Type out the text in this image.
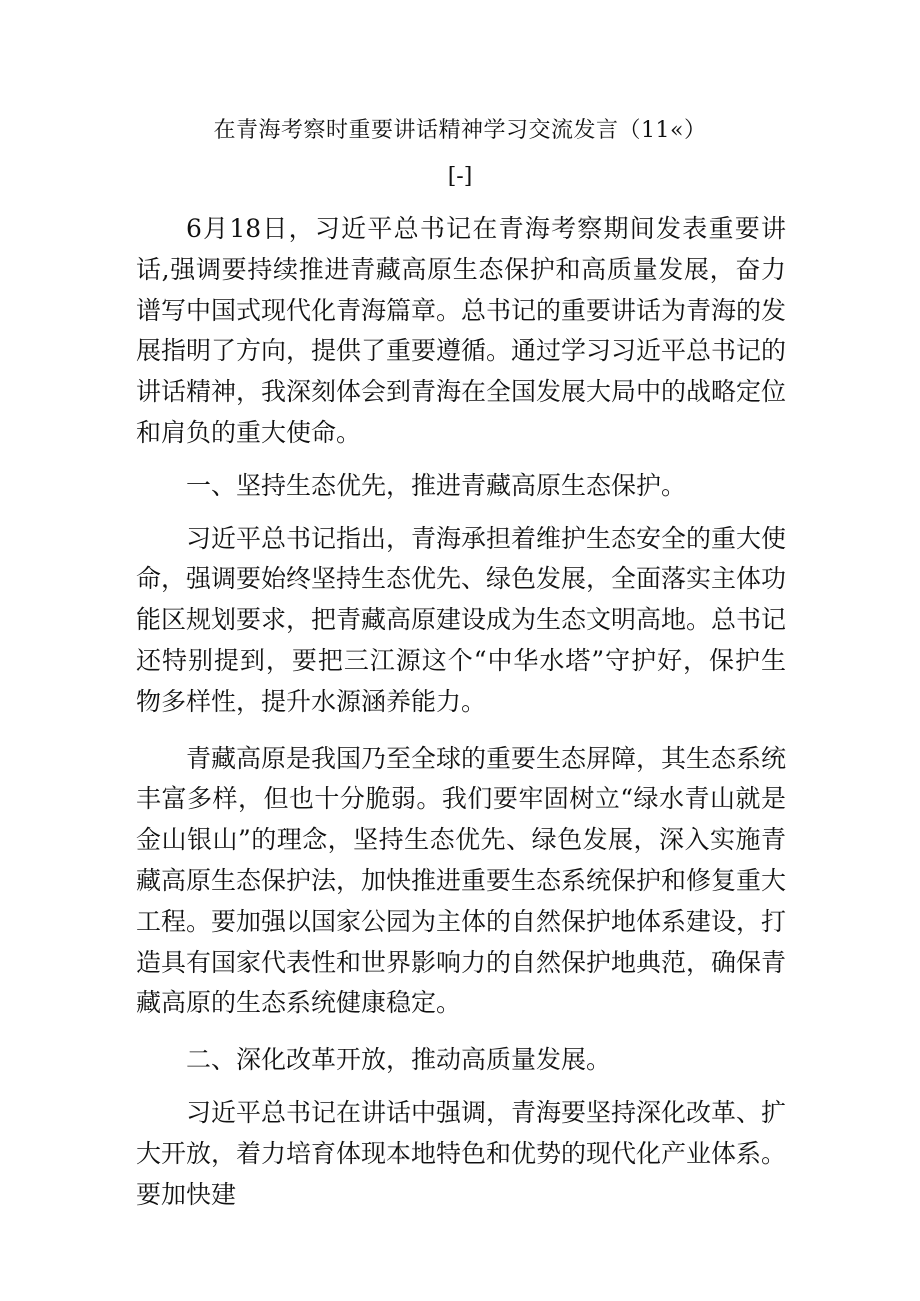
在青海考察时重要讲话精神学习交流发言（11«）
[-]

6月18日，习近平总书记在青海考察期间发表重要讲话,强调要持续推进青藏高原生态保护和高质量发展，奋力谱写中国式现代化青海篇章。总书记的重要讲话为青海的发展指明了方向，提供了重要遵循。通过学习习近平总书记的讲话精神，我深刻体会到青海在全国发展大局中的战略定位和肩负的重大使命。

一、坚持生态优先，推进青藏高原生态保护。

习近平总书记指出，青海承担着维护生态安全的重大使命，强调要始终坚持生态优先、绿色发展，全面落实主体功能区规划要求，把青藏高原建设成为生态文明高地。总书记还特别提到，要把三江源这个“中华水塔”守护好，保护生物多样性，提升水源涵养能力。

青藏高原是我国乃至全球的重要生态屏障，其生态系统丰富多样，但也十分脆弱。我们要牢固树立“绿水青山就是金山银山”的理念，坚持生态优先、绿色发展，深入实施青藏高原生态保护法，加快推进重要生态系统保护和修复重大工程。要加强以国家公园为主体的自然保护地体系建设，打造具有国家代表性和世界影响力的自然保护地典范，确保青藏高原的生态系统健康稳定。

二、深化改革开放，推动高质量发展。

习近平总书记在讲话中强调，青海要坚持深化改革、扩大开放，着力培育体现本地特色和优势的现代化产业体系。要加快建
